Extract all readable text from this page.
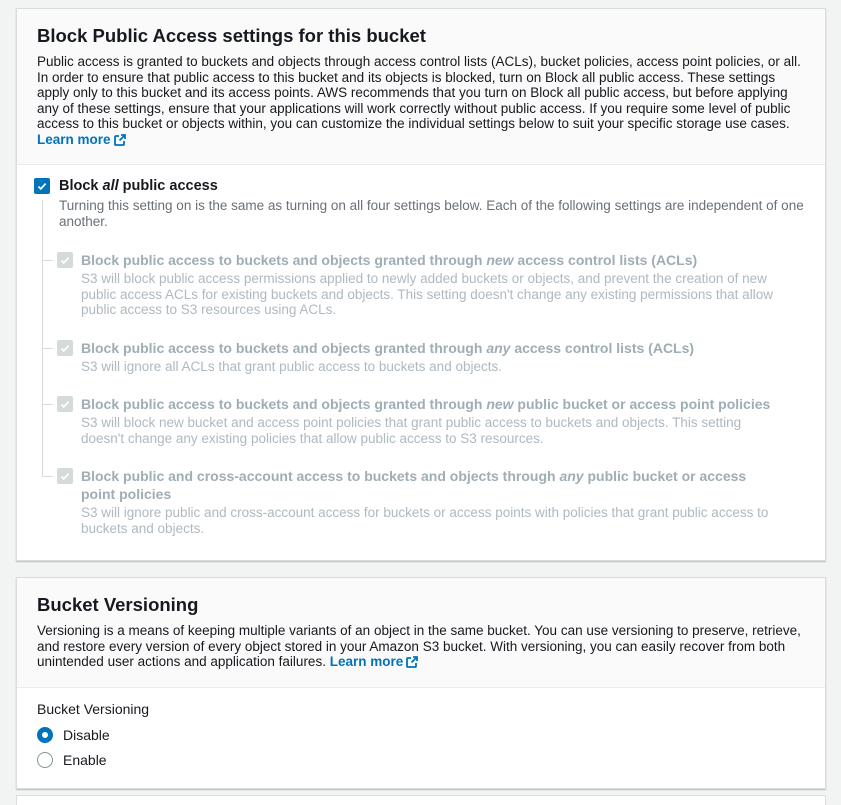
Block Public Access settings for this bucket

Public access is granted to buckets and objects through access control lists (ACLs), bucket policies, access point policies, or all. In order to ensure that public access to this bucket and its objects is blocked, turn on Block all public access. These settings apply only to this bucket and its access points. AWS recommends that you turn on Block all public access, but before applying any of these settings, ensure that your applications will work correctly without public access. If you require some level of public access to this bucket or objects within, you can customize the individual settings below to suit your specific storage use cases. Learn more

Block all public access

Turning this setting on is the same as turning on all four settings below. Each of the following settings are independent of one another.

Block public access to buckets and objects granted through new access control lists (ACLs)
S3 will block public access permissions applied to newly added buckets or objects, and prevent the creation of new public access ACLs for existing buckets and objects. This setting doesn't change any existing permissions that allow public access to S3 resources using ACLs.
Block public access to buckets and objects granted through any access control lists (ACLs)
S3 will ignore all ACLs that grant public access to buckets and objects.
Block public access to buckets and objects granted through new public bucket or access point policies
S3 will block new bucket and access point policies that grant public access to buckets and objects. This setting doesn't change any existing policies that allow public access to S3 resources.
Block public and cross-account access to buckets and objects through any public bucket or access point policies
S3 will ignore public and cross-account access for buckets or access points with policies that grant public access to buckets and objects.
Bucket Versioning

Versioning is a means of keeping multiple variants of an object in the same bucket. You can use versioning to preserve, retrieve, and restore every version of every object stored in your Amazon S3 bucket. With versioning, you can easily recover from both unintended user actions and application failures. Learn more

Bucket Versioning
Disable
Enable
